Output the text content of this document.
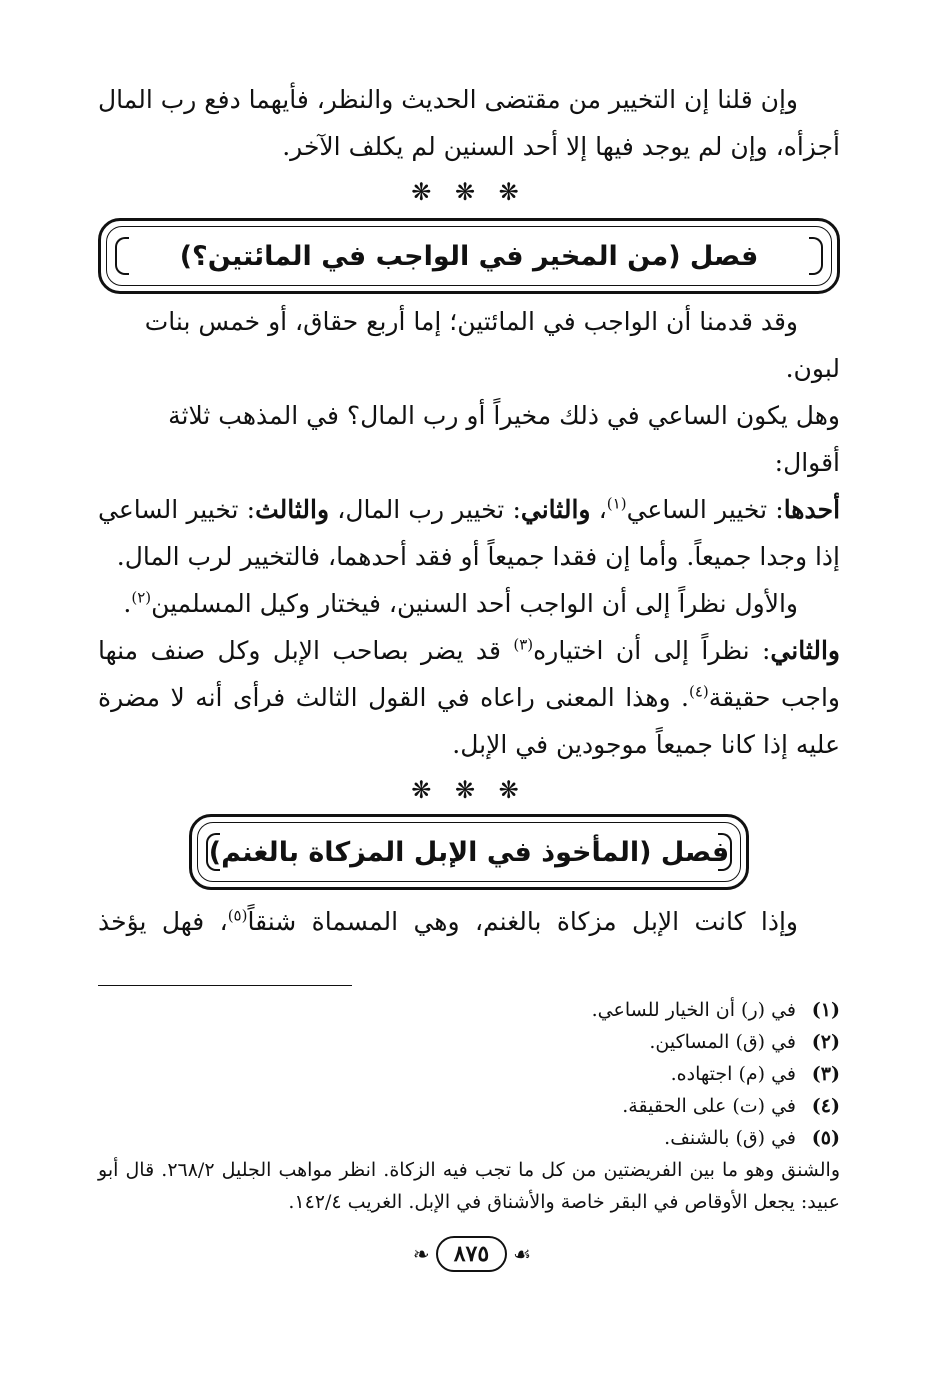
وإن قلنا إن التخيير من مقتضى الحديث والنظر، فأيهما دفع رب المال أجزأه، وإن لم يوجد فيها إلا أحد السنين لم يكلف الآخر.

❋ ❋ ❋
فصل (من المخير في الواجب في المائتين؟)

وقد قدمنا أن الواجب في المائتين؛ إما أربع حقاق، أو خمس بنات لبون.

وهل يكون الساعي في ذلك مخيراً أو رب المال؟ في المذهب ثلاثة أقوال:

أحدها: تخيير الساعي$^{(١)}$، والثاني: تخيير رب المال، والثالث: تخيير الساعي إذا وجدا جميعاً. وأما إن فقدا جميعاً أو فقد أحدهما، فالتخيير لرب المال.

والأول نظراً إلى أن الواجب أحد السنين، فيختار وكيل المسلمين$^{(٢)}$.

والثاني: نظراً إلى أن اختياره$^{(٣)}$ قد يضر بصاحب الإبل وكل صنف منها واجب حقيقة$^{(٤)}$. وهذا المعنى راعاه في القول الثالث فرأى أنه لا مضرة عليه إذا كانا جميعاً موجودين في الإبل.

❋ ❋ ❋
فصل (المأخوذ في الإبل المزكاة بالغنم)

وإذا كانت الإبل مزكاة بالغنم، وهي المسماة شنقاً$^{(٥)}$، فهل يؤخذ

(١)في (ر) أن الخيار للساعي.

(٢)في (ق) المساكين.

(٣)في (م) اجتهاده.

(٤)في (ت) على الحقيقة.

(٥)في (ق) بالشنف.

والشنق وهو ما بين الفريضتين من كل ما تجب فيه الزكاة. انظر مواهب الجليل ٢٦٨/٢. قال أبو عبيد: يجعل الأوقاص في البقر خاصة والأشناق في الإبل. الغريب ١٤٢/٤.

❧	٨٧٥	☙
